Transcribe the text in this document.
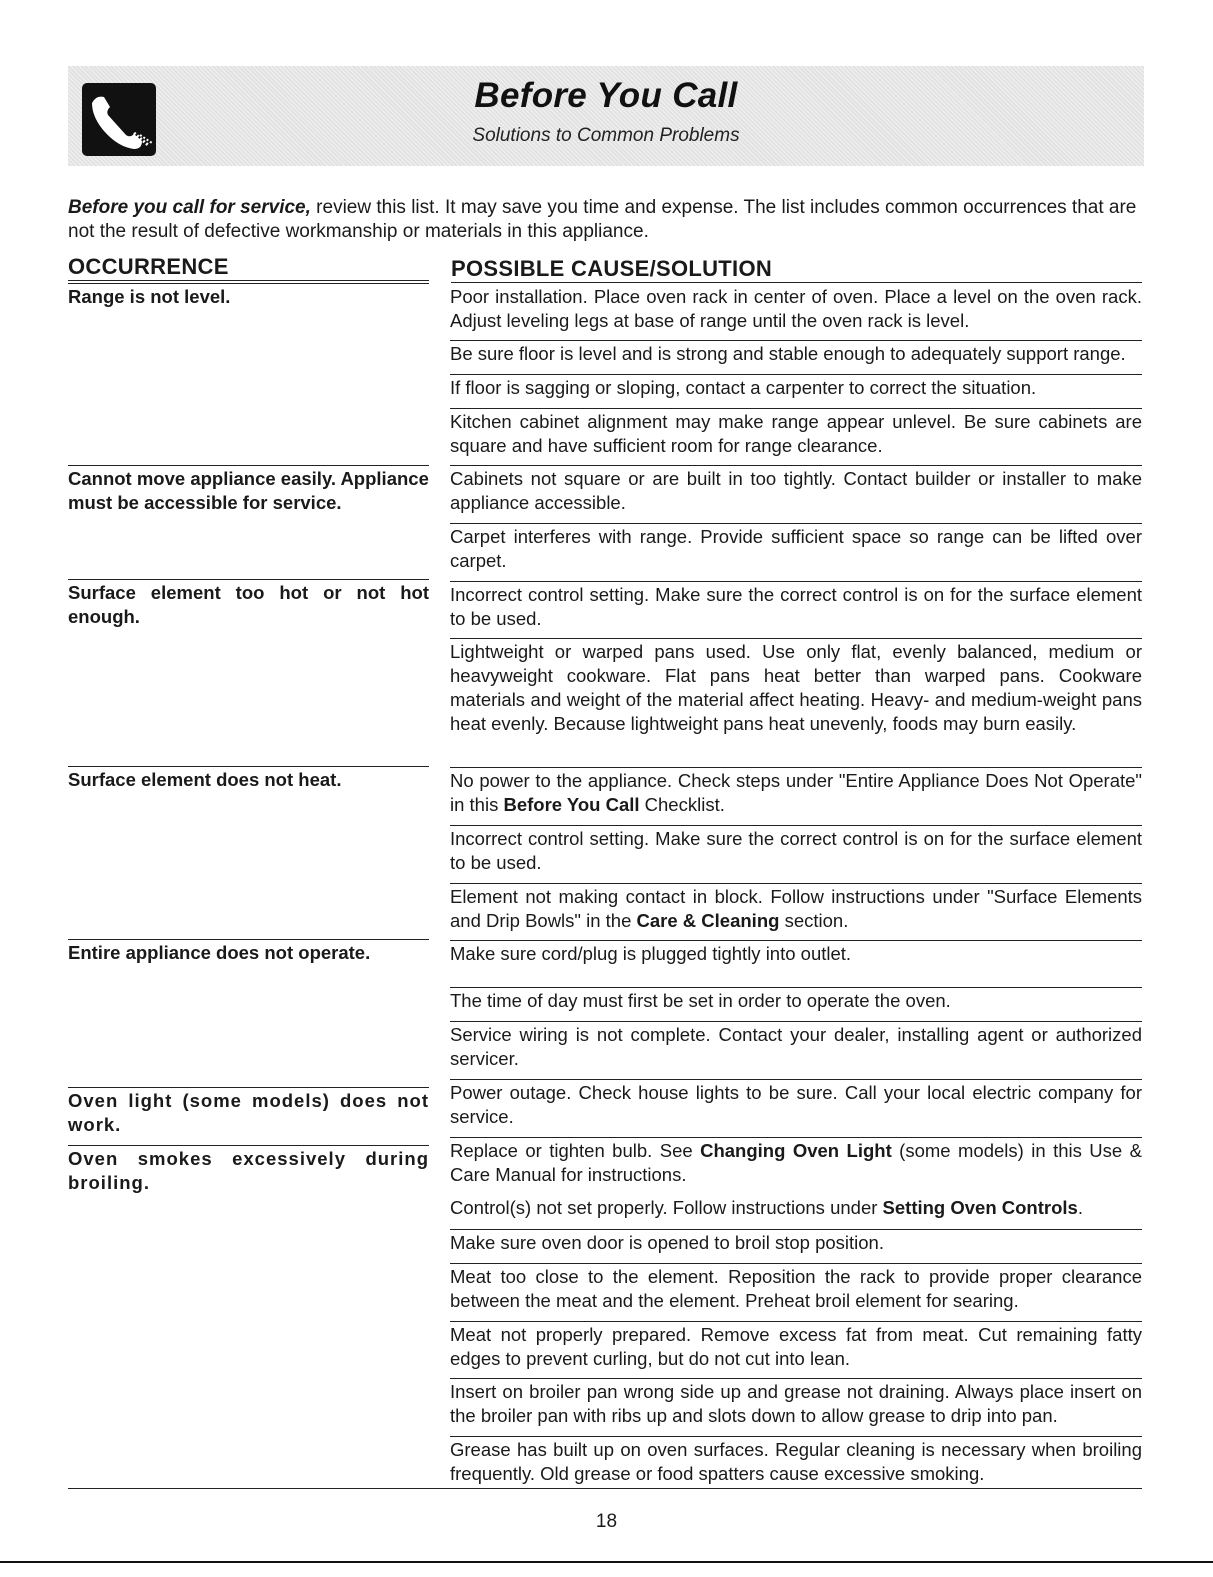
Before You Call
Solutions to Common Problems

Before you call for service, review this list. It may save you time and expense. The list includes common occurrences that are not the result of defective workmanship or materials in this appliance.

OCCURRENCE	POSSIBLE CAUSE/SOLUTION
Range is not level.
Cannot move appliance easily. Appliance must be accessible for service.
Surface element too hot or not hot enough.
Surface element does not heat.
Entire appliance does not operate.
Oven light (some models) does not work.
Oven smokes excessively during broiling.
Poor installation. Place oven rack in center of oven. Place a level on the oven rack. Adjust leveling legs at base of range until the oven rack is level.
Be sure floor is level and is strong and stable enough to adequately support range.
If floor is sagging or sloping, contact a carpenter to correct the situation.
Kitchen cabinet alignment may make range appear unlevel. Be sure cabinets are square and have sufficient room for range clearance.
Cabinets not square or are built in too tightly. Contact builder or installer to make appliance accessible.
Carpet interferes with range. Provide sufficient space so range can be lifted over carpet.
Incorrect control setting. Make sure the correct control is on for the surface element to be used.
Lightweight or warped pans used. Use only flat, evenly balanced, medium or heavyweight cookware. Flat pans heat better than warped pans. Cookware materials and weight of the material affect heating. Heavy- and medium-weight pans heat evenly. Because lightweight pans heat unevenly, foods may burn easily.
No power to the appliance. Check steps under "Entire Appliance Does Not Operate" in this Before You Call Checklist.
Incorrect control setting. Make sure the correct control is on for the surface element to be used.
Element not making contact in block. Follow instructions under "Surface Elements and Drip Bowls" in the Care & Cleaning section.
Make sure cord/plug is plugged tightly into outlet.
The time of day must first be set in order to operate the oven.
Service wiring is not complete. Contact your dealer, installing agent or authorized servicer.
Power outage. Check house lights to be sure. Call your local electric company for service.
Replace or tighten bulb. See Changing Oven Light (some models) in this Use & Care Manual for instructions.
Control(s) not set properly. Follow instructions under Setting Oven Controls.
Make sure oven door is opened to broil stop position.
Meat too close to the element. Reposition the rack to provide proper clearance between the meat and the element. Preheat broil element for searing.
Meat not properly prepared. Remove excess fat from meat. Cut remaining fatty edges to prevent curling, but do not cut into lean.
Insert on broiler pan wrong side up and grease not draining. Always place insert on the broiler pan with ribs up and slots down to allow grease to drip into pan.
Grease has built up on oven surfaces. Regular cleaning is necessary when broiling frequently. Old grease or food spatters cause excessive smoking.
18
